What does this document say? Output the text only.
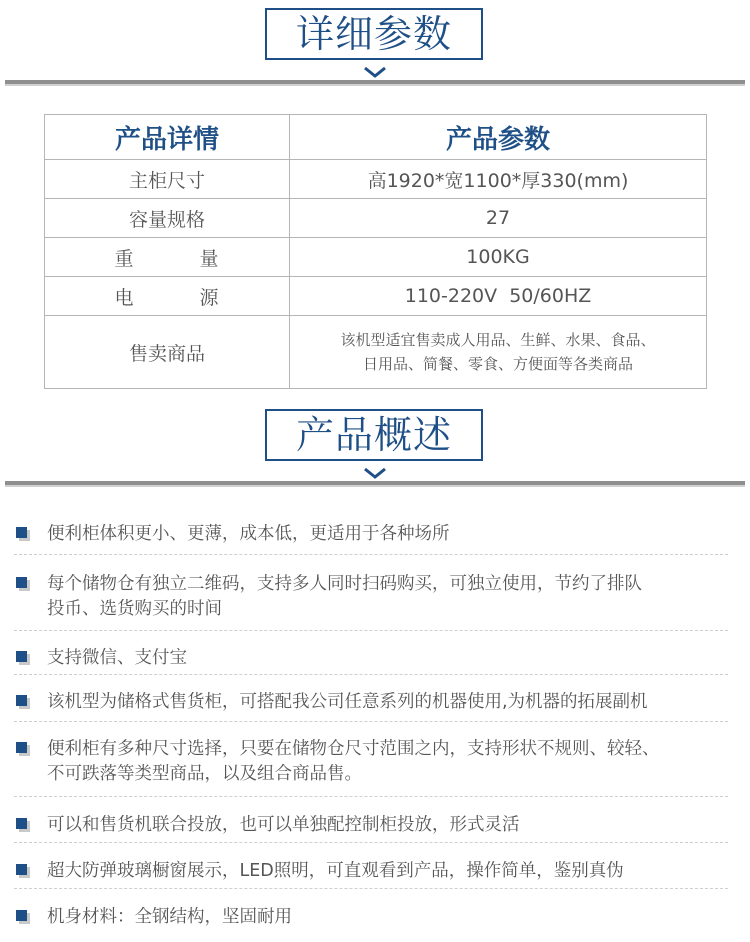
详细参数
产品详情	产品参数
主柜尺寸	高1920*宽1100*厚330(mm)
容量规格	27
重 量	100KG
电 源	110-220V  50/60HZ
售卖商品	该机型适宜售卖成人用品、生鲜、水果、食品、
日用品、简餐、零食、方便面等各类商品
产品概述
便利柜体积更小、更薄，成本低，更适用于各种场所
每个储物仓有独立二维码，支持多人同时扫码购买，可独立使用，节约了排队
投币、选货购买的时间
支持微信、支付宝
该机型为储格式售货柜，可搭配我公司任意系列的机器使用,为机器的拓展副机
便利柜有多种尺寸选择，只要在储物仓尺寸范围之内，支持形状不规则、较轻、
不可跌落等类型商品，以及组合商品售。
可以和售货机联合投放，也可以单独配控制柜投放，形式灵活
超大防弹玻璃橱窗展示，LED照明，可直观看到产品，操作简单，鉴别真伪
机身材料：全钢结构，坚固耐用
